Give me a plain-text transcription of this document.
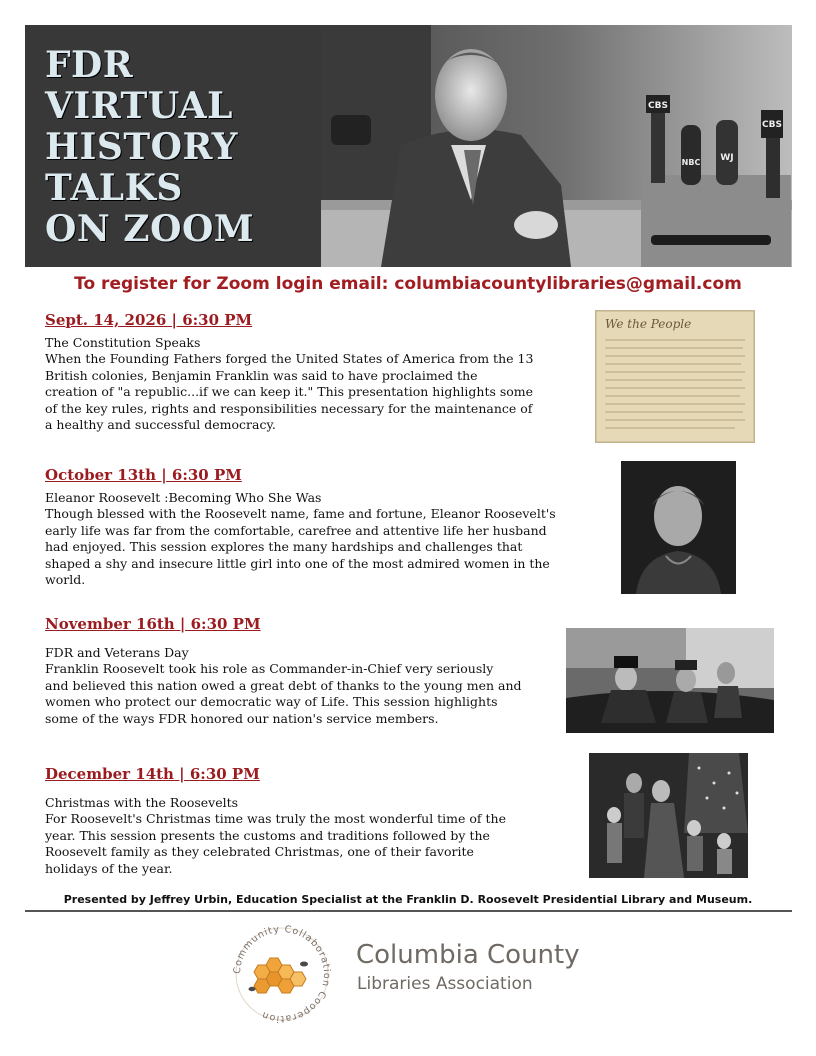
FDR
VIRTUAL
HISTORY
TALKS
ON ZOOM
CBS
NBC WJ
CBS
To register for Zoom login email: columbiacountylibraries@gmail.com
Sept. 14, 2026 | 6:30 PM

The Constitution Speaks

When the Founding Fathers forged the United States of America from the 13
British colonies, Benjamin Franklin was said to have proclaimed the
creation of "a republic...if we can keep it." This presentation highlights some
of the key rules, rights and responsibilities necessary for the maintenance of
a healthy and successful democracy.

We the People
October 13th | 6:30 PM

Eleanor Roosevelt :Becoming Who She Was

Though blessed with the Roosevelt name, fame and fortune, Eleanor Roosevelt's
early life was far from the comfortable, carefree and attentive life her husband
had enjoyed. This session explores the many hardships and challenges that
shaped a shy and insecure little girl into one of the most admired women in the
world.

November 16th | 6:30 PM

FDR and Veterans Day

Franklin Roosevelt took his role as Commander-in-Chief very seriously
and believed this nation owed a great debt of thanks to the young men and
women who protect our democratic way of Life. This session highlights
some of the ways FDR honored our nation's service members.

December 14th | 6:30 PM

Christmas with the Roosevelts

For Roosevelt's Christmas time was truly the most wonderful time of the
year. This session presents the customs and traditions followed by the
Roosevelt family as they celebrated Christmas, one of their favorite
holidays of the year.

Presented by Jeffrey Urbin, Education Specialist at the Franklin D. Roosevelt Presidential Library and Museum.
Community Collaboration Cooperation

Columbia County

Libraries Association
